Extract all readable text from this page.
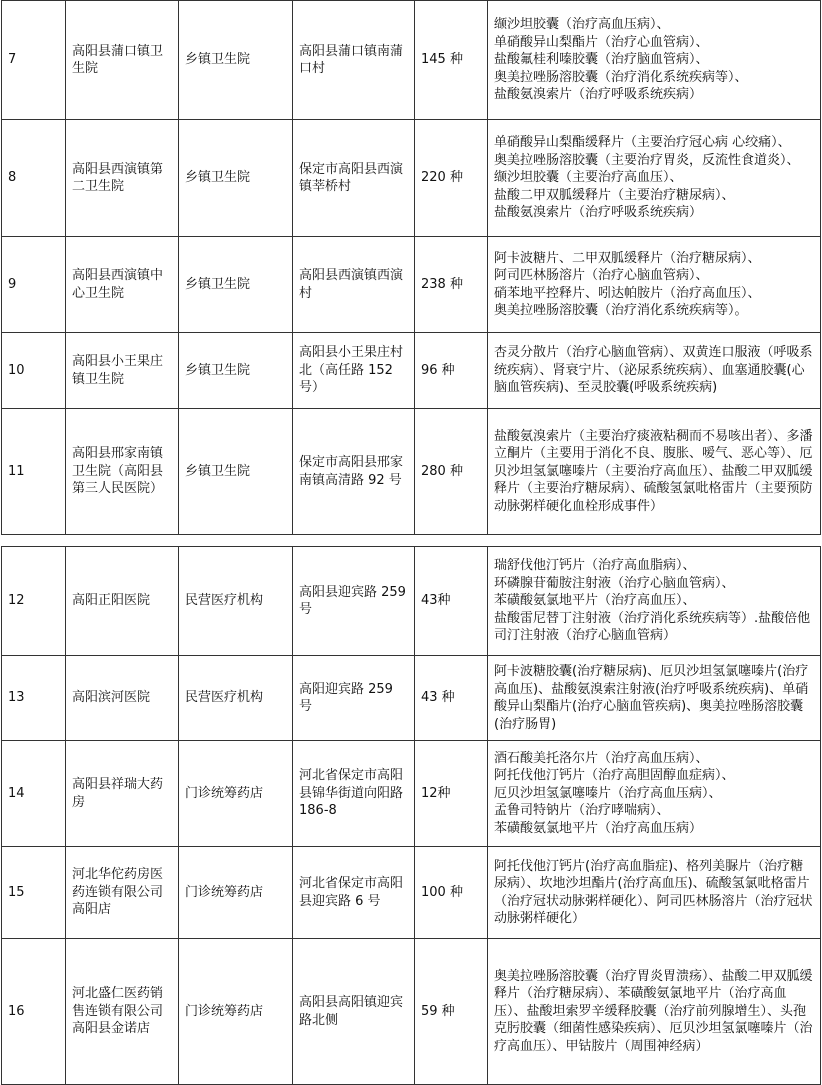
7	高阳县蒲口镇卫生院	乡镇卫生院	高阳县蒲口镇南蒲口村	145 种	缬沙坦胶囊（治疗高血压病）、
单硝酸异山梨酯片（治疗心血管病）、
盐酸氟桂利嗪胶囊（治疗脑血管病）、
奥美拉唑肠溶胶囊（治疗消化系统疾病等）、
盐酸氨溴索片（治疗呼吸系统疾病）

8	高阳县西演镇第二卫生院	乡镇卫生院	保定市高阳县西演镇莘桥村	220 种	单硝酸异山梨酯缓释片（主要治疗冠心病 心绞痛）、
奥美拉唑肠溶胶囊（主要治疗胃炎，反流性食道炎）、
缬沙坦胶囊（主要治疗高血压）、
盐酸二甲双胍缓释片（主要治疗糖尿病）、
盐酸氨溴索片（治疗呼吸系统疾病）

9	高阳县西演镇中心卫生院	乡镇卫生院	高阳县西演镇西演村	238 种	阿卡波糖片、二甲双胍缓释片（治疗糖尿病）、
阿司匹林肠溶片（治疗心脑血管病）、
硝苯地平控释片、吲达帕胺片（治疗高血压）、
奥美拉唑肠溶胶囊（治疗消化系统疾病等）。

10	高阳县小王果庄镇卫生院	乡镇卫生院	高阳县小王果庄村北（高任路 152 号）	96 种	杏灵分散片（治疗心脑血管病）、双黄连口服液（呼吸系统疾病）、肾衰宁片、（泌尿系统疾病）、血塞通胶囊(心脑血管疾病)、至灵胶囊(呼吸系统疾病)

11	高阳县邢家南镇卫生院（高阳县第三人民医院）	乡镇卫生院	保定市高阳县邢家南镇高清路 92 号	280 种	盐酸氨溴索片（主要治疗痰液粘稠而不易咳出者）、多潘立酮片（主要用于消化不良、腹胀、嗳气、恶心等）、厄贝沙坦氢氯噻嗪片（主要治疗高血压）、盐酸二甲双胍缓释片（主要治疗糖尿病）、硫酸氢氯吡格雷片（主要预防动脉粥样硬化血栓形成事件）
12	高阳正阳医院	民营医疗机构	高阳县迎宾路 259 号	43种	瑞舒伐他汀钙片（治疗高血脂病）、
环磷腺苷葡胺注射液（治疗心脑血管病）、
苯磺酸氨氯地平片（治疗高血压）、
盐酸雷尼替丁注射液（治疗消化系统疾病等）.盐酸倍他司汀注射液（治疗心脑血管病）

13	高阳滨河医院	民营医疗机构	高阳迎宾路 259 号	43 种	阿卡波糖胶囊(治疗糖尿病)、厄贝沙坦氢氯噻嗪片(治疗高血压)、盐酸氨溴索注射液(治疗呼吸系统疾病)、单硝酸异山梨酯片(治疗心脑血管疾病)、奥美拉唑肠溶胶囊(治疗肠胃)

14	高阳县祥瑞大药房	门诊统筹药店	河北省保定市高阳县锦华街道向阳路 186-8	12种	酒石酸美托洛尔片（治疗高血压病）、
阿托伐他汀钙片（治疗高胆固醇血症病）、
厄贝沙坦氢氯噻嗪片（治疗高血压病）、
孟鲁司特钠片（治疗哮喘病）、
苯磺酸氨氯地平片（治疗高血压病）

15	河北华佗药房医药连锁有限公司高阳店	门诊统筹药店	河北省保定市高阳县迎宾路 6 号	100 种	阿托伐他汀钙片(治疗高血脂症)、格列美脲片（治疗糖尿病）、坎地沙坦酯片(治疗高血压)、硫酸氢氯吡格雷片（治疗冠状动脉粥样硬化）、阿司匹林肠溶片（治疗冠状动脉粥样硬化）

16	河北盛仁医药销售连锁有限公司高阳县金诺店	门诊统筹药店	高阳县高阳镇迎宾路北侧	59 种	奥美拉唑肠溶胶囊（治疗胃炎胃溃疡）、盐酸二甲双胍缓释片（治疗糖尿病）、苯磺酸氨氯地平片（治疗高血压）、盐酸坦索罗辛缓释胶囊（治疗前列腺增生）、头孢克肟胶囊（细菌性感染疾病）、厄贝沙坦氢氯噻嗪片（治疗高血压）、甲钴胺片（周围神经病）
